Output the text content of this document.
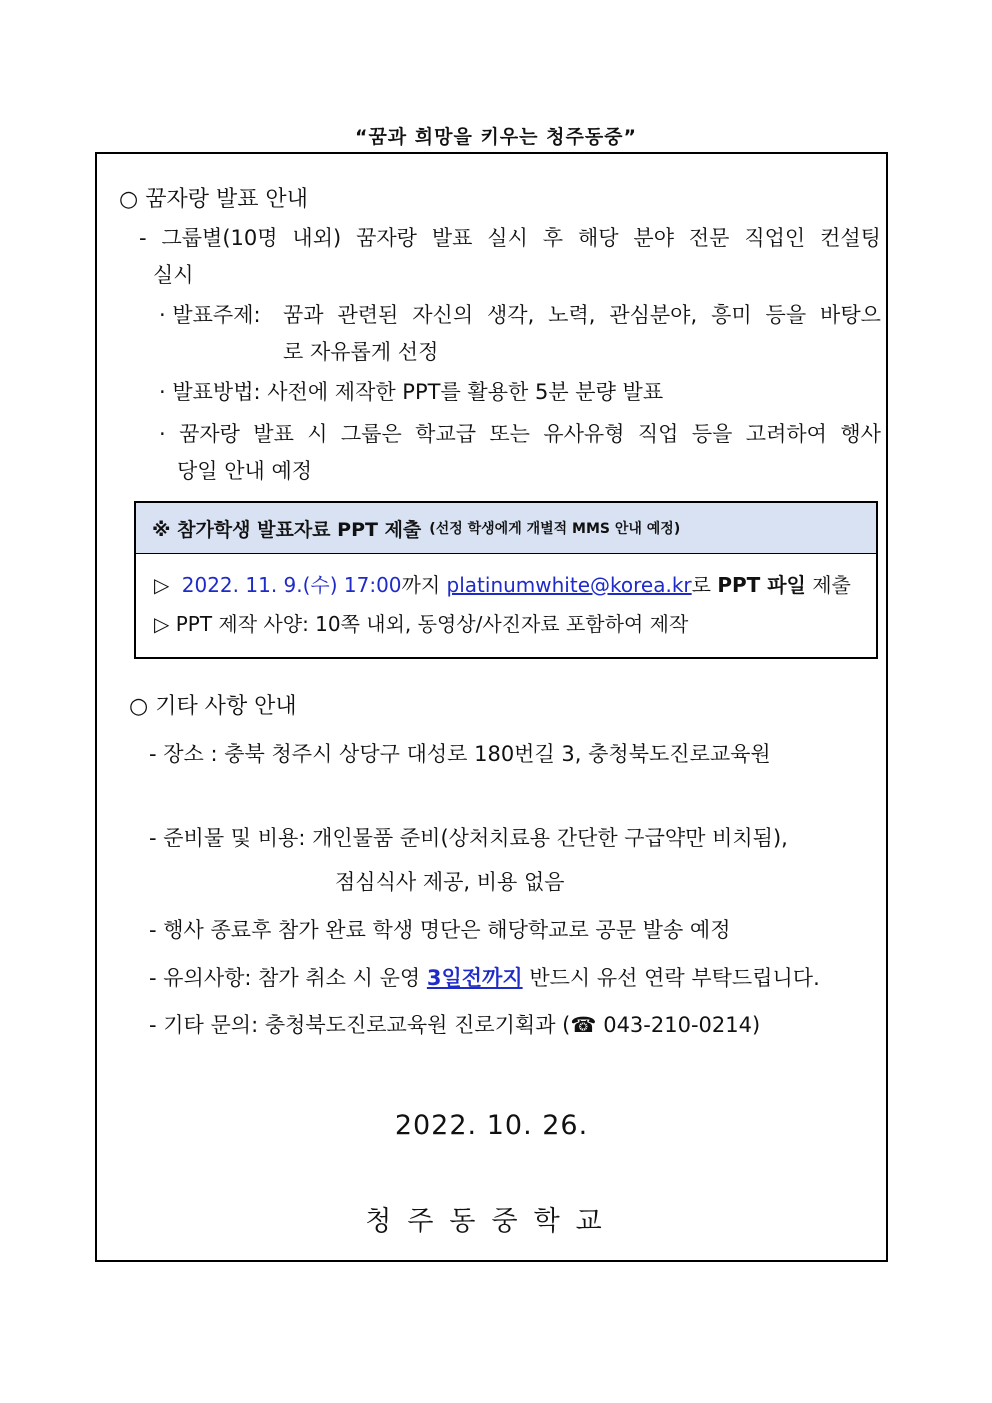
“꿈과 희망을 키우는 청주동중”
○ 꿈자랑 발표 안내
- 그룹별(10명 내외) 꿈자랑 발표 실시 후 해당 분야 전문 직업인 컨설팅
실시
· 발표주제: 꿈과 관련된 자신의 생각, 노력, 관심분야, 흥미 등을 바탕으
로 자유롭게 선정
· 발표방법: 사전에 제작한 PPT를 활용한 5분 분량 발표
· 꿈자랑 발표 시 그룹은 학교급 또는 유사유형 직업 등을 고려하여 행사
당일 안내 예정
※ 참가학생 발표자료 PPT 제출 (선정 학생에게 개별적 MMS 안내 예정)
▷ 2022. 11. 9.(수) 17:00까지 platinumwhite@korea.kr로 PPT 파일 제출
▷ PPT 제작 사양: 10쪽 내외, 동영상/사진자료 포함하여 제작
○ 기타 사항 안내
- 장소 : 충북 청주시 상당구 대성로 180번길 3, 충청북도진로교육원
- 준비물 및 비용: 개인물품 준비(상처치료용 간단한 구급약만 비치됨),
점심식사 제공, 비용 없음
- 행사 종료후 참가 완료 학생 명단은 해당학교로 공문 발송 예정
- 유의사항: 참가 취소 시 운영 3일전까지 반드시 유선 연락 부탁드립니다.
- 기타 문의: 충청북도진로교육원 진로기획과 (☎ 043-210-0214)
2022. 10. 26.
청주동중학교
